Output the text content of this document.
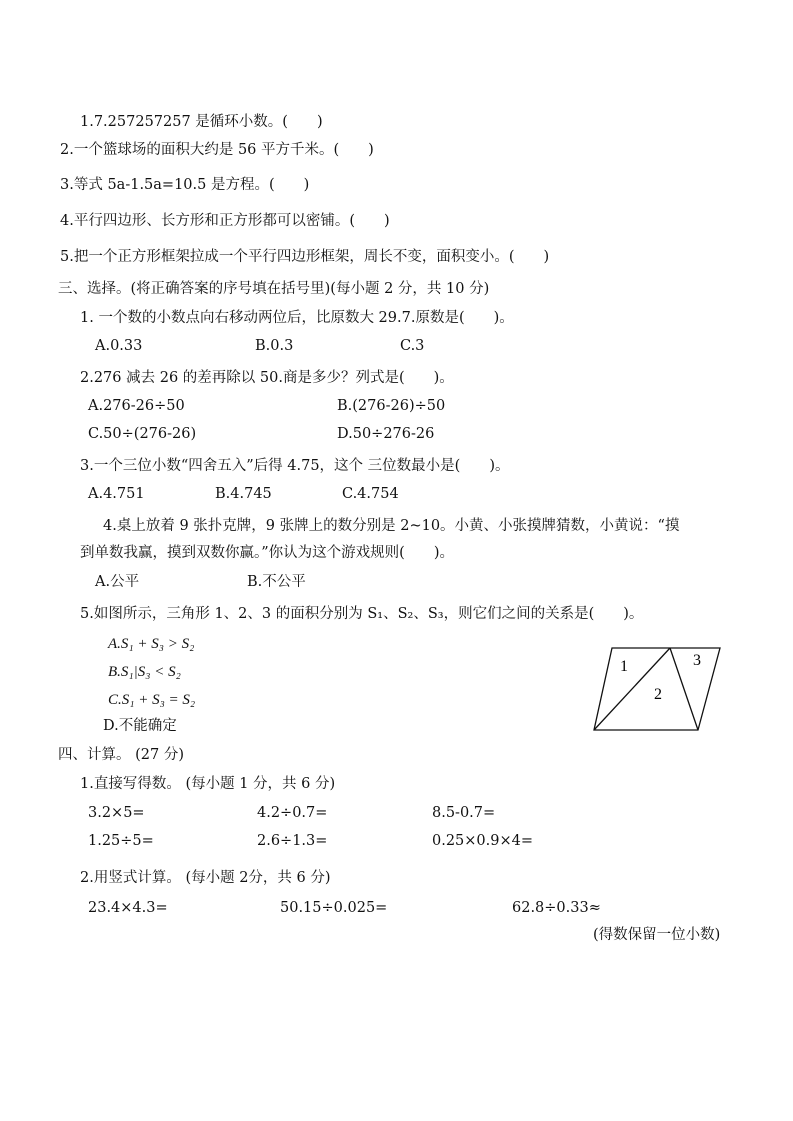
1.7.257257257 是循环小数。(　　)
2.一个篮球场的面积大约是 56 平方千米。(　　)
3.等式 5a-1.5a=10.5 是方程。(　　)
4.平行四边形、长方形和正方形都可以密铺。(　　)
5.把一个正方形框架拉成一个平行四边形框架，周长不变，面积变小。(　　)
三、选择。(将正确答案的序号填在括号里)(每小题 2 分，共 10 分)
1. 一个数的小数点向右移动两位后，比原数大 29.7.原数是(　　)。
A.0.33	B.0.3	C.3
2.276 减去 26 的差再除以 50.商是多少？列式是(　　)。
A.276-26÷50	B.(276-26)÷50
C.50÷(276-26)	D.50÷276-26
3.一个三位小数“四舍五入”后得 4.75，这个 三位数最小是(　　)。
A.4.751	B.4.745	C.4.754
4.桌上放着 9 张扑克牌，9 张牌上的数分别是 2~10。小黄、小张摸牌猜数，小黄说：“摸
到单数我赢，摸到双数你赢。”你认为这个游戏规则(　　)。
A.公平	B.不公平
5.如图所示，三角形 1、2、3 的面积分别为 S₁、S₂、S₃，则它们之间的关系是(　　)。
A.S₁ + S₃ > S₂
B.S₁|S₃ < S₂
C.S₁ + S₃ = S₂
D.不能确定
1
2
3
四、计算。 (27 分)
1.直接写得数。 (每小题 1 分，共 6 分)
3.2×5=	4.2÷0.7=	8.5-0.7=
1.25÷5=	2.6÷1.3=	0.25×0.9×4=
2.用竖式计算。 (每小题 2分，共 6 分)
23.4×4.3=	50.15÷0.025=	62.8÷0.33≈
(得数保留一位小数)
